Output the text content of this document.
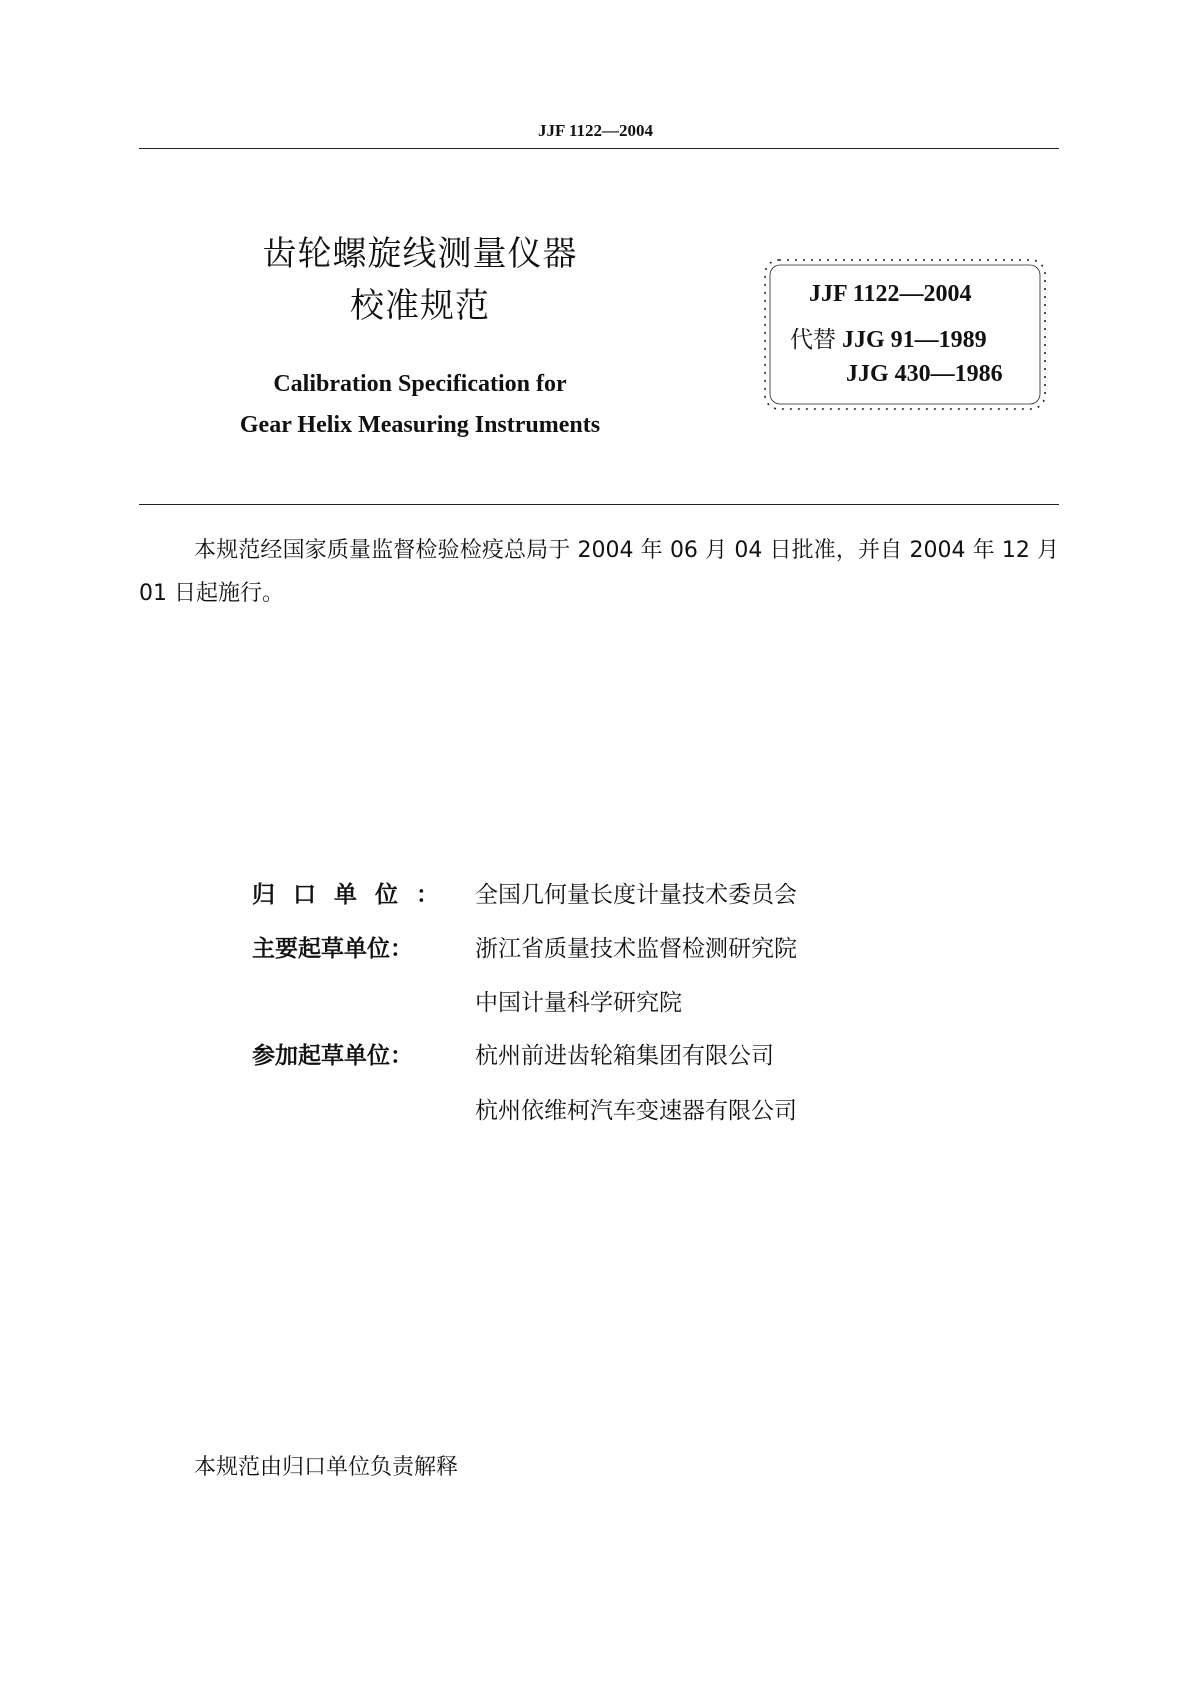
JJF 1122—2004
齿轮螺旋线测量仪器
校准规范
Calibration Specification for
Gear Helix Measuring Instruments
JJF 1122—2004
代替 JJG 91—1989
JJG 430—1986
本规范经国家质量监督检验检疫总局于 2004 年 06 月 04 日批准，并自 2004 年 12 月 01 日起施行。
归口单位： 全国几何量长度计量技术委员会
主要起草单位：	浙江省质量技术监督检测研究院
中国计量科学研究院
参加起草单位：	杭州前进齿轮箱集团有限公司
杭州依维柯汽车变速器有限公司
本规范由归口单位负责解释
